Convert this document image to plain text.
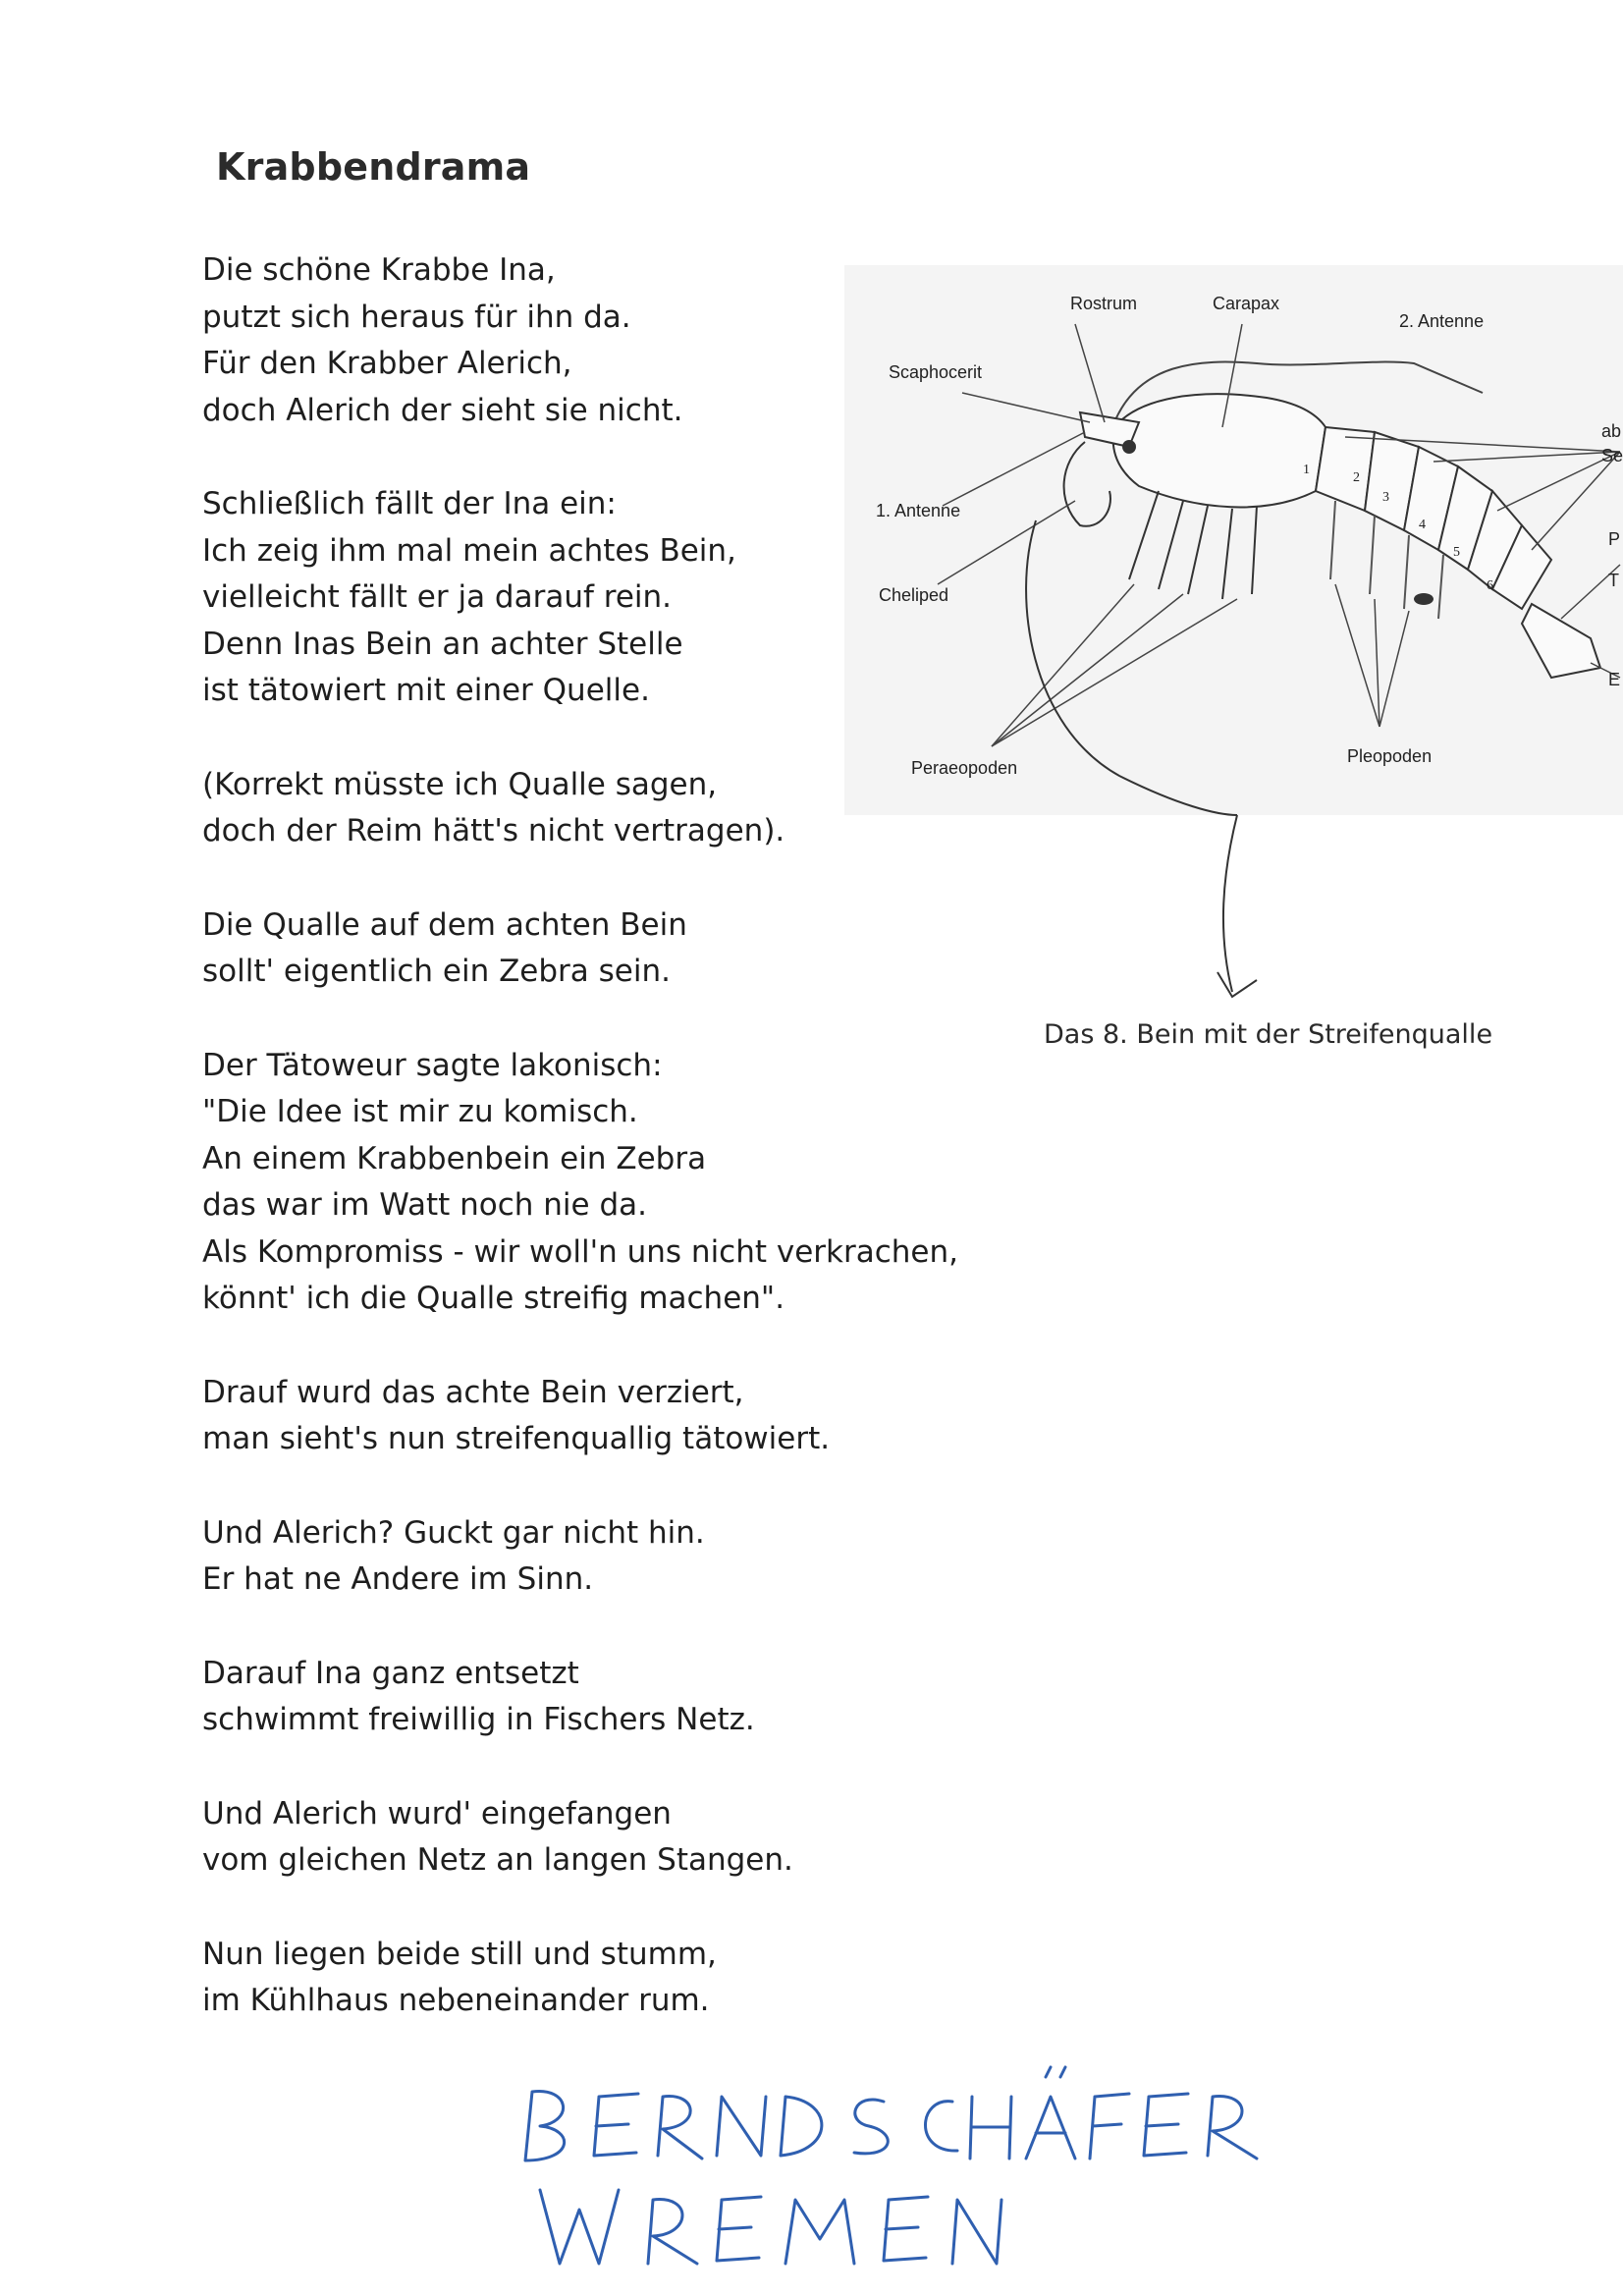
Krabbendrama
Die schöne Krabbe Ina,
putzt sich heraus für ihn da.
Für den Krabber Alerich,
doch Alerich der sieht sie nicht.
Schließlich fällt der Ina ein:
Ich zeig ihm mal mein achtes Bein,
vielleicht fällt er ja darauf rein.
Denn Inas Bein an achter Stelle
ist tätowiert mit einer Quelle.
(Korrekt müsste ich Qualle sagen,
doch der Reim hätt's nicht vertragen).
Die Qualle auf dem achten Bein
sollt' eigentlich ein Zebra sein.
Der Tätoweur sagte lakonisch:
"Die Idee ist mir zu komisch.
An einem Krabbenbein ein Zebra
das war im Watt noch nie da.
Als Kompromiss - wir woll'n uns nicht verkrachen,
könnt' ich die Qualle streifig machen".
Drauf wurd das achte Bein verziert,
man sieht's nun streifenquallig tätowiert.
Und Alerich? Guckt gar nicht hin.
Er hat ne Andere im Sinn.
Darauf Ina ganz entsetzt
schwimmt freiwillig in Fischers Netz.
Und Alerich wurd' eingefangen
vom gleichen Netz an langen Stangen.
Nun liegen beide still und stumm,
im Kühlhaus nebeneinander rum.
Rostrum	Carapax
2. Antenne
Scaphocerit
1. Antenne
Cheliped
Peraeopoden
Pleopoden
ab
Se
P
T
E
1
2
3
4
5
6
Das 8. Bein mit der Streifenqualle
